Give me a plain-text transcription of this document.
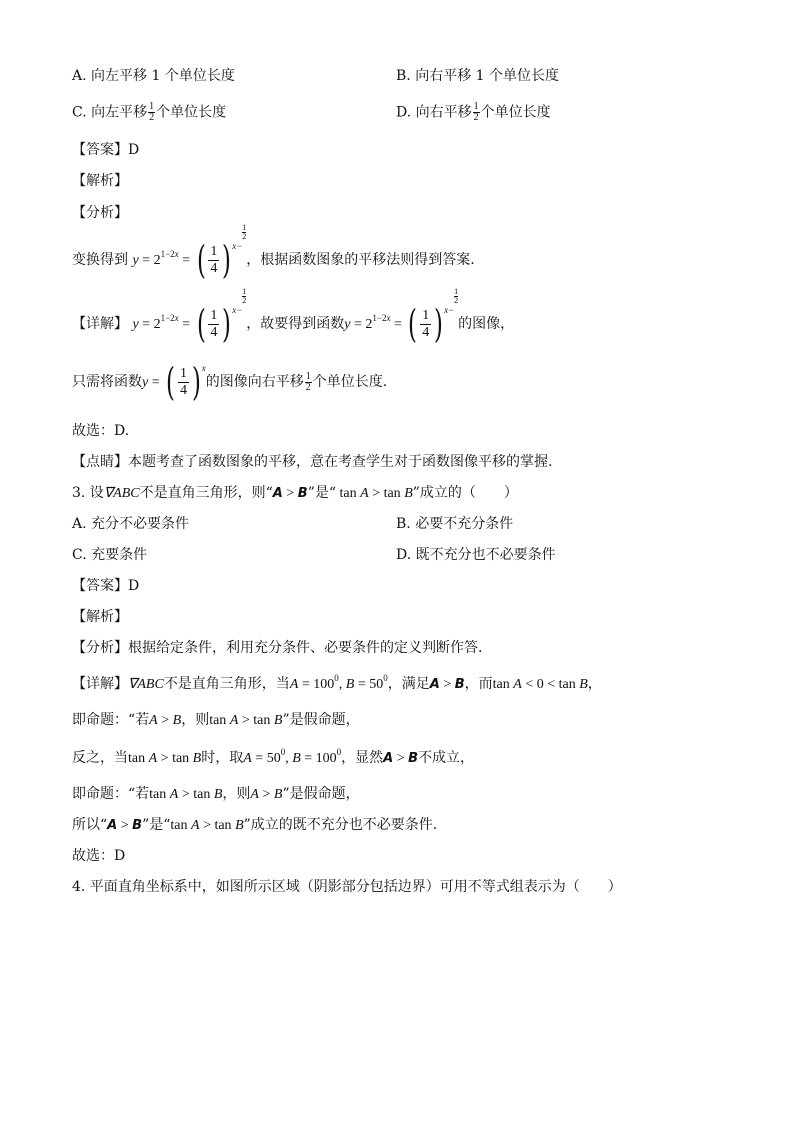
A. 向左平移 1 个单位长度	B. 向右平移 1 个单位长度
C. 向左平移 $\frac{1}{2}$ 个单位长度	D. 向右平移 $\frac{1}{2}$ 个单位长度
【答案】D
【解析】
【分析】
变换得到 $y = 2^{1-2x}$ = ( $\frac{1}{4} )x-$
$\frac{1}{2}$，根据函数图象的平移法则得到答案.
【详解】 $y = 2^{1-2x}$ = ( $\frac{1}{4} )x-$
$\frac{1}{2}$，故要得到函数$y = 2^{1-2x}$ = ( $\frac{1}{4} )x-$
$\frac{1}{2}$的图像，
只需将函数y = ( $\frac{1}{4} )x$的图像向右平移 $\frac{1}{2}$ 个单位长度.
故选：D.
【点睛】本题考查了函数图象的平移，意在考查学生对于函数图像平移的掌握.
3. 设∇ABC不是直角三角形，则“A > B”是“ tan A > tan B”成立的（　　）
A. 充分不必要条件	B. 必要不充分条件
C. 充要条件	D. 既不充分也不必要条件
【答案】D
【解析】
【分析】根据给定条件，利用充分条件、必要条件的定义判断作答.
【详解】∇ABC不是直角三角形，当$A = 100^0$, $B = 50^0$，满足A > B，而tan A < 0 < tan B，
即命题：“若A > B，则tan A > tan B”是假命题，
反之，当tan A > tan B时，取$A = 50^0$, $B = 100^0$，显然A > B不成立，
即命题：“若tan A > tan B，则A > B”是假命题，
所以“A > B”是“tan A > tan B”成立的既不充分也不必要条件.
故选：D
4. 平面直角坐标系中，如图所示区域（阴影部分包括边界）可用不等式组表示为（　　）
